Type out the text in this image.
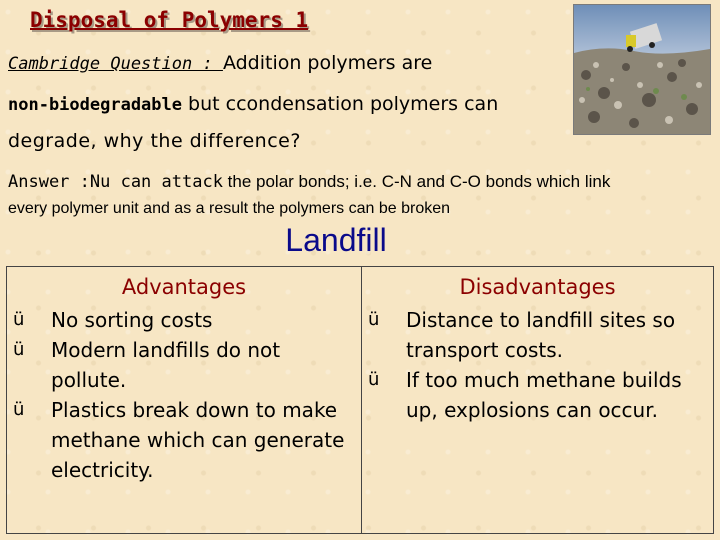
Disposal of Polymers 1
Cambridge Question : Addition polymers are
non-biodegradable but ccondensation polymers can
degrade, why the difference?
Answer :Nu can attack the polar bonds; i.e. C-N and C-O bonds which link
every polymer unit and as a result the polymers can be broken
Landfill
Advantages
ü No sorting costs
ü Modern landfills do not pollute.
ü Plastics break down to make methane which can generate electricity.

Disadvantages
ü Distance to landfill sites so transport costs.
ü If too much methane builds up, explosions can occur.
